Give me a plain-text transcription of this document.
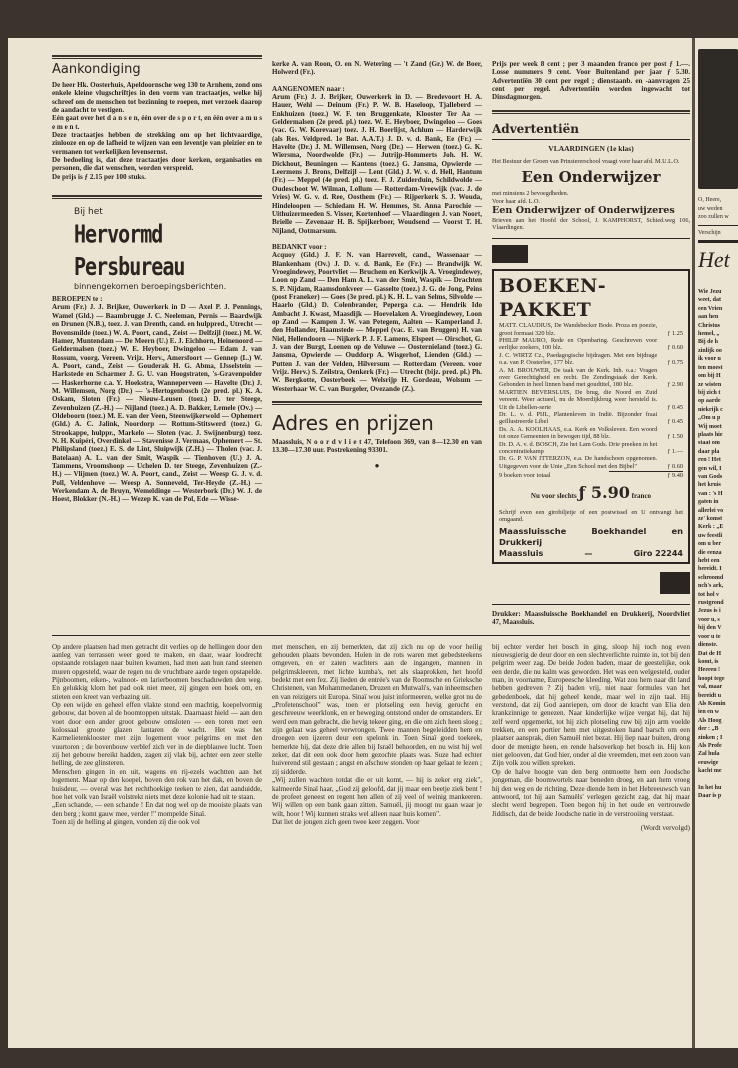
Aankondiging

De heer Hk. Oosterhuis, Apeldoornsche weg 130 te Arnhem, zond ons enkele kleine vlugschriftjes in den vorm van tractaatjes, welke hij schreef om de menschen tot bezinning te roepen, met verzoek daarop de aandacht te vestigen.

Eén gaat over het d a n s e n, één over de s p o r t, en één over a m u s e m e n t.

Deze tractaatjes hebben de strekking om op het lichtvaardige, zinlooze en op de lafheid te wijzen van een leventje van pleizier en te vermanen tot werkelijken levensernst.

De bedoeling is, dat deze tractaatjes door kerken, organisaties en personen, die dat wenschen, worden verspreid.

De prijs is ƒ 2.15 per 100 stuks.

Bij het
Hervormd Persbureau
binnengekomen beroepingsberichten.

BEROEPEN te :

Arum (Fr.) J. J. Brijker, Ouwerkerk in D — Axel P. J. Pennings, Wamel (Gld.) — Baambrugge J. C. Neeleman, Pernis — Baardwijk en Drunen (N.B.), toez. J. van Drenth, cand. en hulppred., Utrecht — Bovensmilde (toez.) W. A. Poort, cand., Zeist — Delfzijl (toez.) M. W. Hamer, Muntendam — De Meern (U.) E. J. Eichhorn, Heinenoord — Geldermalsen (toez.) W. E. Heyboer, Dwingeloo — Edam J. van Rossum, voorg. Vereen. Vrijz. Herv., Amersfoort — Gennep (L.) W. A. Poort, cand., Zeist — Gouderak H. G. Abma, IJsselstein — Harkstede en Scharmer J. G. U. van Hoogstraten, 's-Gravenpolder — Haskerhorne c.a. Y. Hoekstra, Wanneperveen — Havelte (Dr.) J. M. Willemsen, Norg (Dr.) — 's-Hertogenbosch (2e pred. pl.) K. A. Oskam, Sloten (Fr.) — Nieuw-Leusen (toez.) D. ter Steege, Zevenhuizen (Z.-H.) — Nijland (toez.) A. D. Bakker, Lemele (Ov.) — Oldeboorn (toez.) M. E. van der Veen, Steenwijkerwold — Ophemert (Gld.) A. C. Jalink, Noordorp — Rottum-Stitswerd (toez.) G. Strookappe, hulppr., Markelo — Sloten (vac. J. Swijnenburg) toez. N. H. Kuipéri, Overdinkel — Stavenisse J. Vermaas, Ophemert — St. Philipsland (toez.) E. S. de Lint, Sluipwijk (Z.H.) — Tholen (vac. J. Batelaan) A. L. van der Smit, Waspik — Tienhoven (U.) J. A. Tammens, Vroomshoop — Uchelen D. ter Steege, Zevenhuizen (Z.-H.) — Vlijmen (toez.) W. A. Poort, cand., Zeist — Weesp G. J. v. d. Poll, Veldenhove — Weesp A. Sonneveld, Ter-Heyde (Z.-H.) — Werkendam A. de Bruyn, Wemeldinge — Westerbork (Dr.) W. J. de Hoest, Blokker (N.-H.) — Wezep K. van de Pol, Ede — Wisse-

kerke A. van Roon, O. en N. Wetering — 't Zand (Gr.) W. de Boer, Holwerd (Fr.).

AANGENOMEN naar :

Arum (Fr.) J. J. Brijker, Ouwerkerk in D. — Bredevoort H. A. Hauer, Wehl — Deinum (Fr.) P. W. B. Haseloop, Tjalleberd — Enkhuizen (toez.) W. F. ten Bruggenkate, Klooster Ter Aa — Geldermalsen (2e pred. pl.) toez. W. E. Heyboer, Dwingeloo — Goes (vac. G. W. Korevaar) toez. J. H. Boerlijst, Achlum — Harderwijk (als Res. Veldpred. 1e Bat. A.A.T.) J. D. v. d. Bank, Ee (Fr.) — Havelte (Dr.) J. M. Willemsen, Norg (Dr.) — Herwen (toez.) G. K. Wiersma, Noordwolde (Fr.) — Jutrijp-Hommerts Joh. H. W. Dickhout, Beuningen — Kantens (toez.) G. Jansma, Opwierde — Leermens J. Brons, Delfzijl — Lent (Gld.) J. W. v. d. Hell, Hantum (Fr.) — Meppel (4e pred. pl.) toez. F. J. Zuiderduin, Schildwolde — Oudeschoot W. Wilman, Lollum — Rotterdam-Vreewijk (vac. J. de Vries) W. G. v. d. Ree, Oosthem (Fr.) — Rijperkerk S. J. Wouda, Hindeloopen — Schiedam H. W. Hemmes, St. Anna Parochie — Uithuizermeeden S. Visser, Kortenhoef — Vlaardingen J. van Noort, Brielle — Zevenaar H. B. Spijkerboer, Woudsend — Voorst T. H. Nijland, Ootmarsum.

BEDANKT voor :

Acquoy (Gld.) J. F. N. van Harrevelt, cand., Wassenaar — Blankenham (Ov.) J. D. v. d. Bank, Ee (Fr.) — Brandwijk W. Vroegindewey, Poortvliet — Bruchem en Kerkwijk A. Vroegindewey, Loon op Zand — Den Ham A. L. van der Smit, Waspik — Drachten S. P. Nijdam, Raamsdonkveer — Gasselte (toez.) J. G. de Jong, Peins (post Franeker) — Goes (3e pred. pl.) K. H. L. van Selms, Silvolde — Haarlo (Gld.) D. Colenbrander, Peperga c.a. — Hendrik Ido Ambacht J. Kwast, Maasdijk — Hoevelaken A. Vroegindewey, Loon op Zand — Kampen J. W. van Petegem, Aalten — Kamperland J. den Hollander, Haamstede — Meppel (vac. E. van Bruggen) H. van Niel, Hellendoorn — Nijkerk P. J. F. Lamens, Elspeet — Oirschot, G. J. van der Burgt, Loenen op de Veluwe — Oosternieland (toez.) G. Jansma, Opwierde — Ouddorp A. Wisgerhof, Lienden (Gld.) — Putten J. van der Velden, Hilversum — Rotterdam (Vereen. voor Vrijz. Herv.) S. Zeilstra, Oenkerk (Fr.) — Utrecht (bijz. pred. pl.) Ph. W. Bergkotte, Oosterbeek — Welsrijp H. Gordeau, Wolsum — Westerhaar W. C. van Burgeler, Ovezande (Z.).

Adres en prijzen

Maassluis, N o o r d v l i e t 47, Telefoon 369, van 8—12.30 en van 13.30—17.30 uur. Postrekening 93301.

●

Prijs per week 8 cent ; per 3 maanden franco per post ƒ 1.—. Losse nummers 9 cent. Voor Buitenland per jaar ƒ 5.30. Advertentiën 30 cent per regel ; dienstaanb. en -aanvragen 25 cent per regel. Advertentiën worden ingewacht tot Dinsdagmorgen.

Advertentiën
VLAARDINGEN (1e klas)

Het Bestuur der Groen van Prinstererschool vraagt voor haar afd. M.U.L.O.

Een Onderwijzer

met minstens 2 bevoegdheden.

Voor haar afd. L.O.

Een Onderwijzer of Onderwijzeres

Brieven aan het Hoofd der School, J. KAMPHORST, Schied.weg 106, Vlaardingen.

BOEKEN-PAKKET
MATT. CLAUDIUS, De Wandsbecker Bode. Proza en poezie, groot formaat 320 blz.	ƒ 1.25
PHILIP MAURO, Rede en Openbaring. Geschreven voor eerlijke zoekers, 100 blz.	ƒ 0.60
J. C. WIRTZ Cz., Paedagogische bijdragen. Met een bijdrage o.a. van P. Oosterlee, 177 blz.	ƒ 0.75
A. M. BROUWER, De taak van de Kerk. Inh. o.a.: Vragen over Gerechtigheid en recht. De Zendingstaak der Kerk. Gebonden in heel linnen band met goudtitel, 180 blz.	ƒ 2.90
MARTIEN BEVERSLUIS, De brug, die Noord en Zuid vereent. Weer actueel, nu de Moerdijkbrug weer hersteld is. Uit de Libellen-serie	ƒ 0.45
Dr. L. v. d. PIJL, Plantenleven in Indië. Bijzonder fraai geïllustreerde Libel	ƒ 0.45
Ds. A. A. KOOLHAAS, e.a. Kerk en Volksleven. Een woord tot onze Gemeenten in bewogen tijd, 88 blz.	ƒ 1.50
Dr. D. A. v. d. BOSCH, Zie het Lam Gods. Drie preeken in het concentratiekamp	ƒ 1.—
Dr. G. P. VAN ITTERZON, e.a. De handschoen opgenomen. Uitgegeven voor de Unie „Een School met den Bijbel"	ƒ 0.60
9 boeken voor totaal	ƒ 9.40
Nu voor slechts ƒ 5.90 franco

Schrijf even een girobiljetje of een postwissel en U ontvangt het omgaand.

Maassluissche Boekhandel en Drukkerij
Maassluis	—	Giro 22244

Drukker: Maassluissche Boekhandel en Drukkerij, Noordvliet 47, Maassluis.

Op andere plaatsen had men getracht dit verlies op de hellingen door den aanleg van terrassen weer goed te maken, en daar, waar loodrecht opstaande rotslagen naar buiten kwamen, had men aan hun rand steenen muren opgesteld, waar de regen nu de vruchtbare aarde tegen opstapelde. Pijnboomen, eiken-, walnoot- en larierboomen beschaduwden den weg. En gelukkig klom het pad ook niet meer, zij gingen een hoek om, en stieten een kreet van verbazing uit.

Op een wijde en geheel effen vlakte stond een machtig, koepelvormig gebouw, dat boven al de boomtoppen uitstak. Daarnaast hield — aan den voet door een ander groot gebouw omsloten — een toren met een kolossaal groote glazen lantaren de wacht. Het was het Karmelietenklooster met zijn logement voor pelgrims en met den vuurtoren ; de bovenbouw verblef zich ver in de diepblauwe lucht. Toen zij het gebouw bereikt hadden, zagen zij vlak bij, achter een zeer stelle helling, de zee glinsteren.

Menschen gingen in en uit, wagens en rij-ezels wachtten aan het logement. Maar op den koepel, boven den rok van het dak, en boven de huisdeur, — overal was het rechthoekige teeken te zien, dat aanduidde, hoe het volk van Israël volstrekt niets met deze kolonie had uit te staan.

„Een schande, — een schande ! En dat nog wel op de mooiste plaats van den berg ; komt gauw mee, verder !" mompelde Sinaï.

Toen zij de helling al gingen, vonden zij die ook vol

met menschen, en zij bemerkten, dat zij zich nu op de voor heilig gehouden plaats bevonden. Holen in de rots waren met gebedsteekens omgeven, en er zaten wachters aan de ingangen, mannen in pelgrimskleeren, met lichte kumba's, net als slaaprokken, het hoofd bedekt met een fez. Zij lieden de entrée's van de Roomsche en Grieksche Christenen, van Mohammedanen, Druzen en Mutwali's, van inheemschen en van reizigers uit Europa. Sinaï wou juist informeeren, welke grot nu de „Profetenschool" was, toen er plotseling een hevig gerucht en geschreeuw weerklonk, en er beweging ontstond onder de omstanders. Er werd een man gebracht, die hevig tekeer ging, en die om zich heen sloeg ; zijn gelaat was geheel verwrongen. Twee mannen begeleidden hem en droegen een ijzeren deur een spelonk in. Toen Sinaï goed toekeek, bemerkte hij, dat deze drie allen bij Israël behoorden, en nu wist hij wel zeker, dat dit een ook door hem gezochte plaats was. Suze had echter huiverend stil gestaan ; angst en afschuw stonden op haar gelaat te lezen ; zij sidderde.

„Wij zullen wachten totdat die er uit komt, — hij is zeker erg ziek", kalmeerde Sinaï haar, „God zij geloofd, dat jij maar een beetje ziek bent ! de profeet geneest en regent hen allen of zij veel of weinig mankeeren. Wij willen op een bank gaan zitten. Samuël, jij moogt nu gaan waar je wilt, hoor ! Wij kunnen straks wel alleen naar huis komen".

Dat liet de jongen zich geen twee keer zeggen. Voor

bij echter verder het bosch in ging, sloop hij toch nog even nieuwsgierig de deur door en een slechtverlichte ruimte in, tot bij den pelgrim weer zag. De beide Joden baden, maar de geestelijke, ook een derde, die nu kalm was geworden. Het was een welgesteld, ouder man, in voorname, Europeesche kleeding. Wat zou hem naar dit land hebben gedreven ? Zij baden vrij, niet naar formules van het gebedenboek, dat hij geheel kende, maar wel in zijn taal. Hij verstond, dat zij God aanriepen, om door de kracht van Elia den krankzinnige te genezen. Naar kinderlijke wijze vergat hij, dat hij zelf werd opgemerkt, tot hij zich plotseling ruw bij zijn arm voelde trekken, en een portier hem met uitgestoken hand barsch om een plaatser aansprak, dien Samuël niet bezat. Hij liep naar buiten, drong door de menigte heen, en rende halsoverkop het bosch in. Hij kon niet gelooven, dat God hier, onder al die vreemden, met een zoon van Zijn volk zou willen spreken.

Op de halve hoogte van den berg ontmoette hem een Joodsche jongeman, die boomwortels naar beneden droeg, en aan hem vroeg hij den weg en de richting. Deze diende hem in het Hebreeuwsch van antwoord, tot hij aan Samuëls' verlegen gezicht zag, dat hij maar slecht werd begrepen. Toen begon hij in het oude en vertrouwde Jiddisch, dat de beide Joodsche natie in de verstrooiing verstaat.

(Wordt vervolgd)

O, Heere,
uw weden
zoo zullen w
Verschijn
Het
Wie Jezu
weet, dat
een Vrien
aan hen
Christus
hemel, „
Bij de h
zinlijk oo
ik voor u
ten moest
om bij H
ze wisten
bij zich t
op aarde
niekrijk c
„Om u p
Wij moet
plaats hie
staat om
daar pla
ren ! Het
gen wil, I
van Gods
het kruis
van : 's H
gaten in
allerlei vo
ze' komst
Kerk : „E
uw feestli
om u ber
die eenza
hebt een
bereidt. I
schroomd
nch's ark,
tot hol v
rustgrond
Jezus is i
voor u, s
bij den V
voor u te
dienste.
Dat de H
komt, is
Heeren !
hoopt tege
val, maar
bereidt u
Als Komin
ien en w
Als Hoog
der : „B
zinken ; I
Als Profe
Zal hula
eeuwige
kacht me
In het hu
Daar is p
